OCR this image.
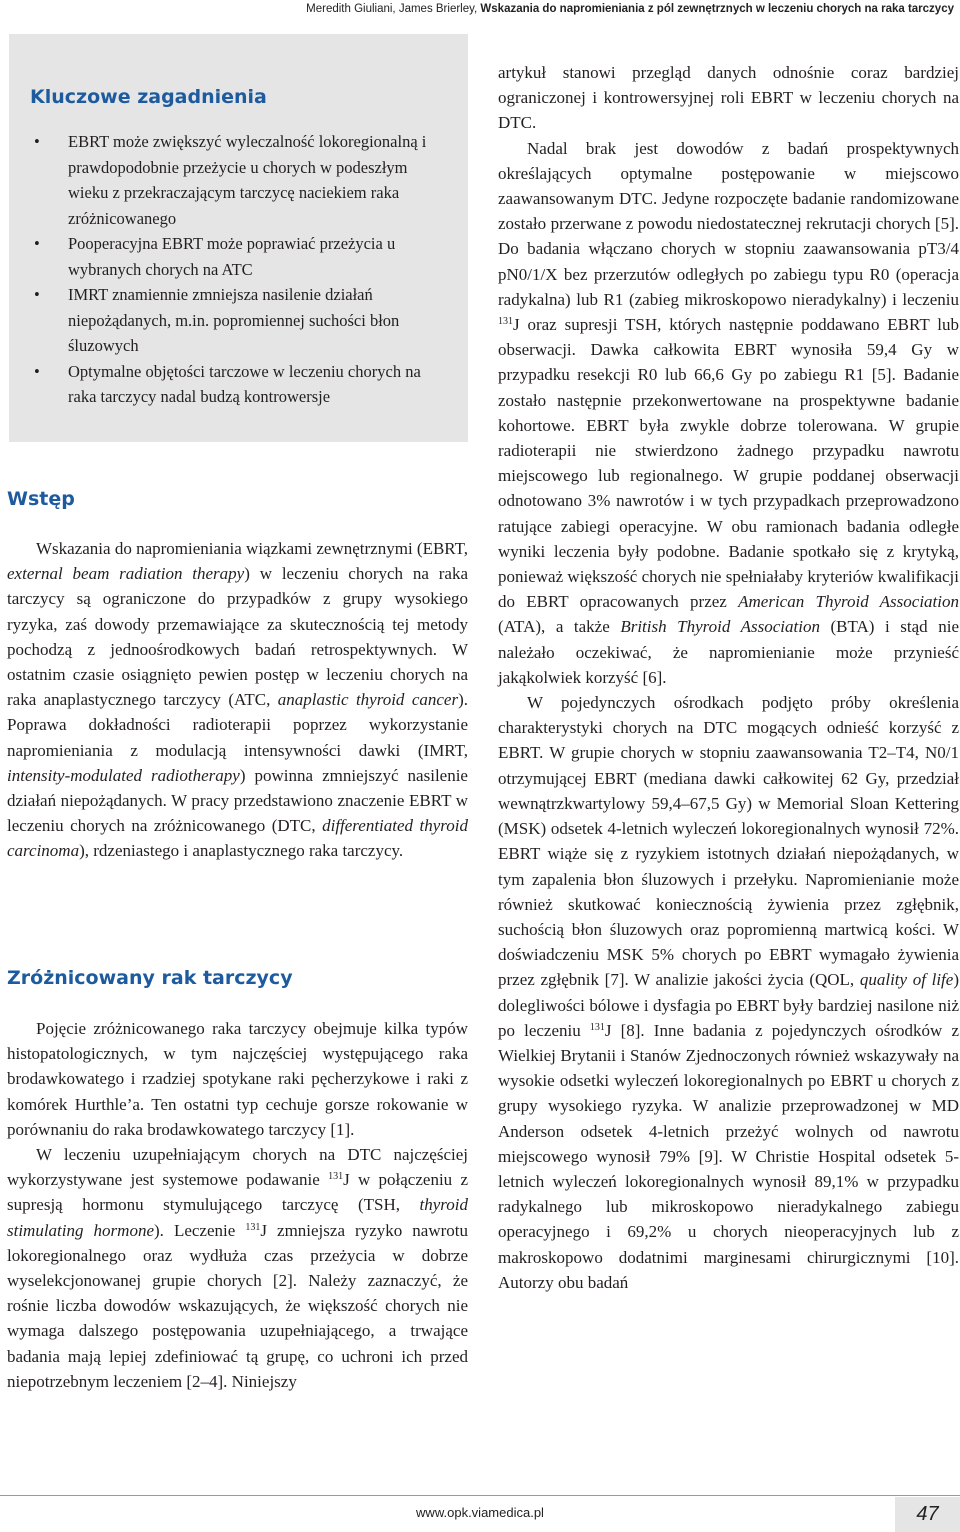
Meredith Giuliani, James Brierley, Wskazania do napromieniania z pól zewnętrznych w leczeniu chorych na raka tarczycy
Kluczowe zagadnienia
• EBRT może zwiększyć wyleczalność lokoregionalną i prawdopodobnie przeżycie u chorych w podeszłym wieku z przekraczającym tarczycę naciekiem raka zróżnicowanego
• Pooperacyjna EBRT może poprawiać przeżycia u wybranych chorych na ATC
• IMRT znamiennie zmniejsza nasilenie działań niepożądanych, m.in. popromiennej suchości błon śluzowych
• Optymalne objętości tarczowe w leczeniu chorych na raka tarczycy nadal budzą kontrowersje
Wstęp

Wskazania do napromieniania wiązkami zewnętrznymi (EBRT, external beam radiation therapy) w leczeniu chorych na raka tarczycy są ograniczone do przypadków z grupy wysokiego ryzyka, zaś dowody przemawiające za skutecznością tej metody pochodzą z jednoośrodkowych badań retrospektywnych. W ostatnim czasie osiągnięto pewien postęp w leczeniu chorych na raka anaplastycznego tarczycy (ATC, anaplastic thyroid cancer). Poprawa dokładności radioterapii poprzez wykorzystanie napromieniania z modulacją intensywności dawki (IMRT, intensity-modulated radiotherapy) powinna zmniejszyć nasilenie działań niepożądanych. W pracy przedstawiono znaczenie EBRT w leczeniu chorych na zróżnicowanego (DTC, differentiated thyroid carcinoma), rdzeniastego i anaplastycznego raka tarczycy.

Zróżnicowany rak tarczycy

Pojęcie zróżnicowanego raka tarczycy obejmuje kilka typów histopatologicznych, w tym najczęściej występującego raka brodawkowatego i rzadziej spotykane raki pęcherzykowe i raki z komórek Hurthle’a. Ten ostatni typ cechuje gorsze rokowanie w porównaniu do raka brodawkowatego tarczycy [1].

W leczeniu uzupełniającym chorych na DTC najczęściej wykorzystywane jest systemowe podawanie $^{131}$J w połączeniu z supresją hormonu stymulującego tarczycę (TSH, thyroid stimulating hormone). Leczenie $^{131}$J zmniejsza ryzyko nawrotu lokoregionalnego oraz wydłuża czas przeżycia w dobrze wyselekcjonowanej grupie chorych [2]. Należy zaznaczyć, że rośnie liczba dowodów wskazujących, że większość chorych nie wymaga dalszego postępowania uzupełniającego, a trwające badania mają lepiej zdefiniować tą grupę, co uchroni ich przed niepotrzebnym leczeniem [2–4]. Niniejszy

artykuł stanowi przegląd danych odnośnie coraz bardziej ograniczonej i kontrowersyjnej roli EBRT w leczeniu chorych na DTC.

Nadal brak jest dowodów z badań prospektywnych określających optymalne postępowanie w miejscowo zaawansowanym DTC. Jedyne rozpoczęte badanie randomizowane zostało przerwane z powodu niedostatecznej rekrutacji chorych [5]. Do badania włączano chorych w stopniu zaawansowania pT3/4 pN0/1/X bez przerzutów odległych po zabiegu typu R0 (operacja radykalna) lub R1 (zabieg mikroskopowo nieradykalny) i leczeniu $^{131}$J oraz supresji TSH, których następnie poddawano EBRT lub obserwacji. Dawka całkowita EBRT wynosiła 59,4 Gy w przypadku resekcji R0 lub 66,6 Gy po zabiegu R1 [5]. Badanie zostało następnie przekonwertowane na prospektywne badanie kohortowe. EBRT była zwykle dobrze tolerowana. W grupie radioterapii nie stwierdzono żadnego przypadku nawrotu miejscowego lub regionalnego. W grupie poddanej obserwacji odnotowano 3% nawrotów i w tych przypadkach przeprowadzono ratujące zabiegi operacyjne. W obu ramionach badania odległe wyniki leczenia były podobne. Badanie spotkało się z krytyką, ponieważ większość chorych nie spełniałaby kryteriów kwalifikacji do EBRT opracowanych przez American Thyroid Association (ATA), a także British Thyroid Association (BTA) i stąd nie należało oczekiwać, że napromienianie może przynieść jakąkolwiek korzyść [6].

W pojedynczych ośrodkach podjęto próby określenia charakterystyki chorych na DTC mogących odnieść korzyść z EBRT. W grupie chorych w stopniu zaawansowania T2–T4, N0/1 otrzymującej EBRT (mediana dawki całkowitej 62 Gy, przedział wewnątrzkwartylowy 59,4–67,5 Gy) w Memorial Sloan Kettering (MSK) odsetek 4-letnich wyleczeń lokoregionalnych wynosił 72%. EBRT wiąże się z ryzykiem istotnych działań niepożądanych, w tym zapalenia błon śluzowych i przełyku. Napromienianie może również skutkować koniecznością żywienia przez zgłębnik, suchością błon śluzowych oraz popromienną martwicą kości. W doświadczeniu MSK 5% chorych po EBRT wymagało żywienia przez zgłębnik [7]. W analizie jakości życia (QOL, quality of life) dolegliwości bólowe i dysfagia po EBRT były bardziej nasilone niż po leczeniu $^{131}$J [8]. Inne badania z pojedynczych ośrodków z Wielkiej Brytanii i Stanów Zjednoczonych również wskazywały na wysokie odsetki wyleczeń lokoregionalnych po EBRT u chorych z grupy wysokiego ryzyka. W analizie przeprowadzonej w MD Anderson odsetek 4-letnich przeżyć wolnych od nawrotu miejscowego wynosił 79% [9]. W Christie Hospital odsetek 5-letnich wyleczeń lokoregionalnych wynosił 89,1% w przypadku radykalnego lub mikroskopowo nieradykalnego zabiegu operacyjnego i 69,2% u chorych nieoperacyjnych lub z makroskopowo dodatnimi marginesami chirurgicznymi [10]. Autorzy obu badań

www.opk.viamedica.pl	47
